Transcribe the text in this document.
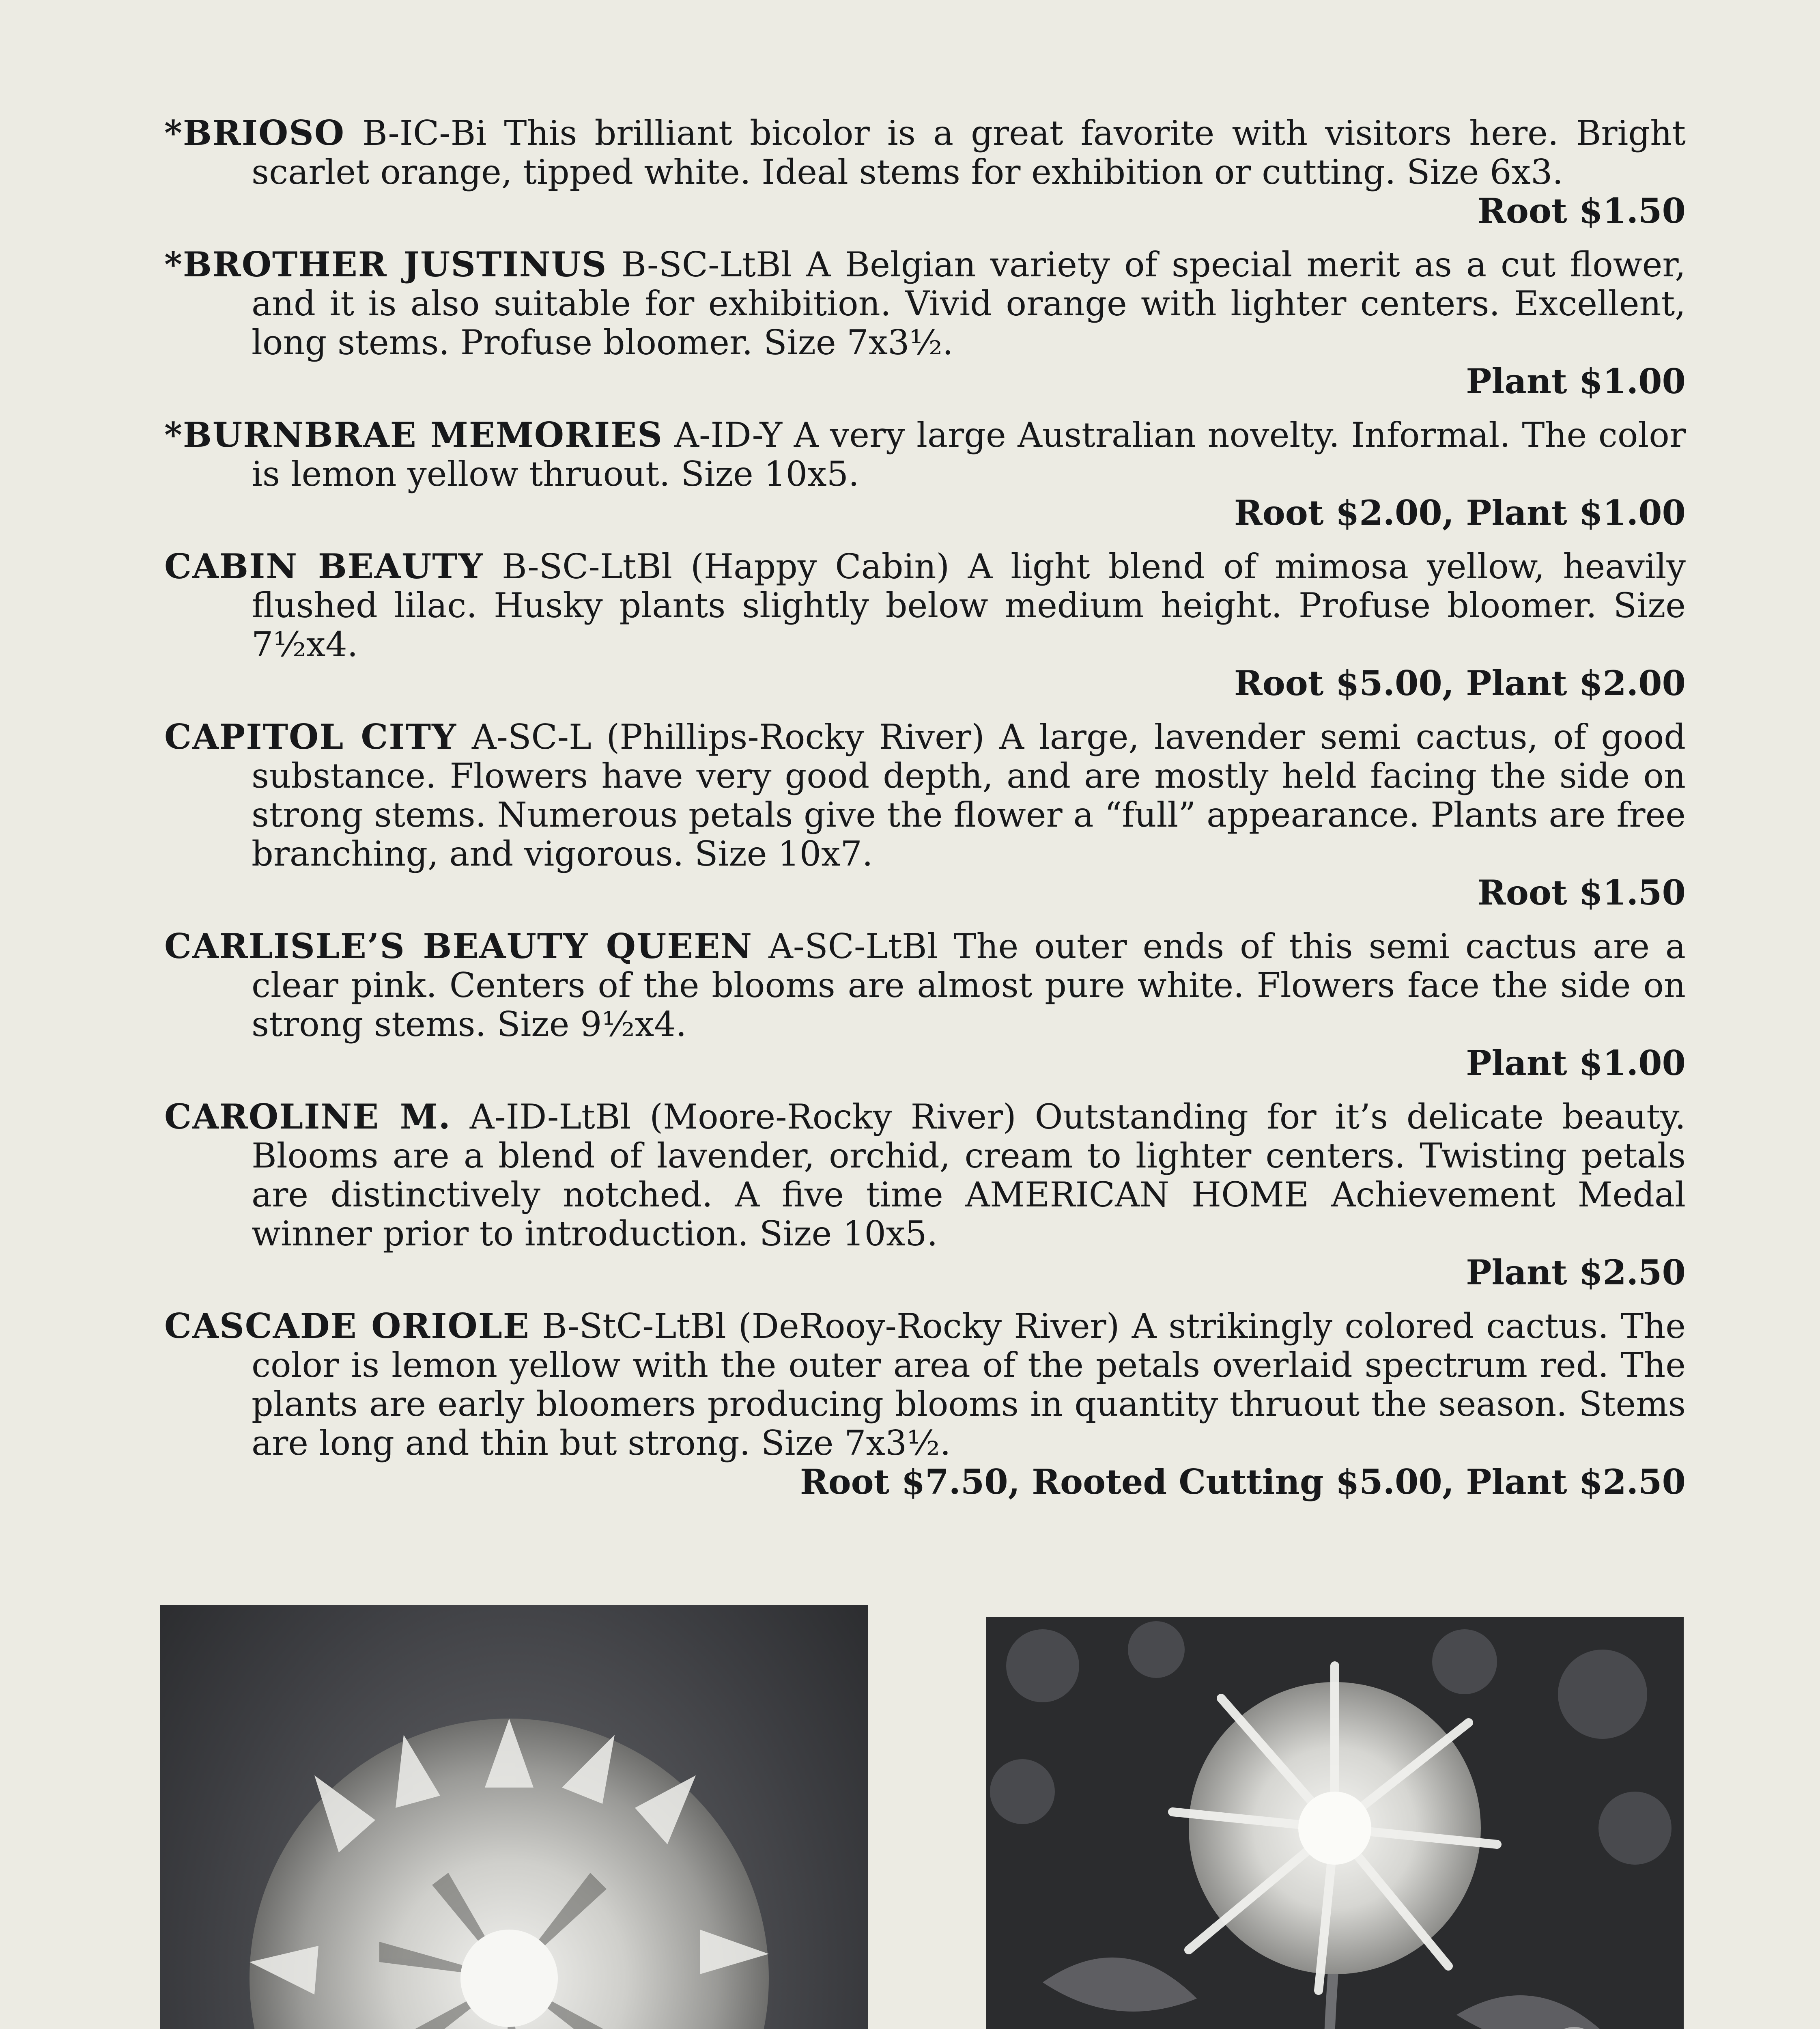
*BRIOSO B-IC-Bi This brilliant bicolor is a great favorite with visitors here. Bright scarlet orange, tipped white. Ideal stems for exhibition or cutting. Size 6x3.
Root $1.50
*BROTHER JUSTINUS B-SC-LtBl A Belgian variety of special merit as a cut flower, and it is also suitable for exhibition. Vivid orange with lighter centers. Excellent, long stems. Profuse bloomer. Size 7x3½.
Plant $1.00
*BURNBRAE MEMORIES A-ID-Y A very large Australian novelty. Informal. The color is lemon yellow thruout. Size 10x5.
Root $2.00, Plant $1.00
CABIN BEAUTY B-SC-LtBl (Happy Cabin) A light blend of mimosa yellow, heavily flushed lilac. Husky plants slightly below medium height. Profuse bloomer. Size 7½x4.
Root $5.00, Plant $2.00
CAPITOL CITY A-SC-L (Phillips-Rocky River) A large, lavender semi cactus, of good substance. Flowers have very good depth, and are mostly held facing the side on strong stems. Numerous petals give the flower a “full” appearance. Plants are free branching, and vigorous. Size 10x7.
Root $1.50
CARLISLE’S BEAUTY QUEEN A-SC-LtBl The outer ends of this semi cactus are a clear pink. Centers of the blooms are almost pure white. Flowers face the side on strong stems. Size 9½x4.
Plant $1.00
CAROLINE M. A-ID-LtBl (Moore-Rocky River) Outstanding for it’s delicate beauty. Blooms are a blend of lavender, orchid, cream to lighter centers. Twisting petals are distinctively notched. A five time AMERICAN HOME Achievement Medal winner prior to introduction. Size 10x5.
Plant $2.50
CASCADE ORIOLE B-StC-LtBl (DeRooy-Rocky River) A strikingly colored cactus. The color is lemon yellow with the outer area of the petals overlaid spectrum red. The plants are early bloomers producing blooms in quantity thruout the season. Stems are long and thin but strong. Size 7x3½.
Root $7.50, Rooted Cutting $5.00, Plant $2.50
